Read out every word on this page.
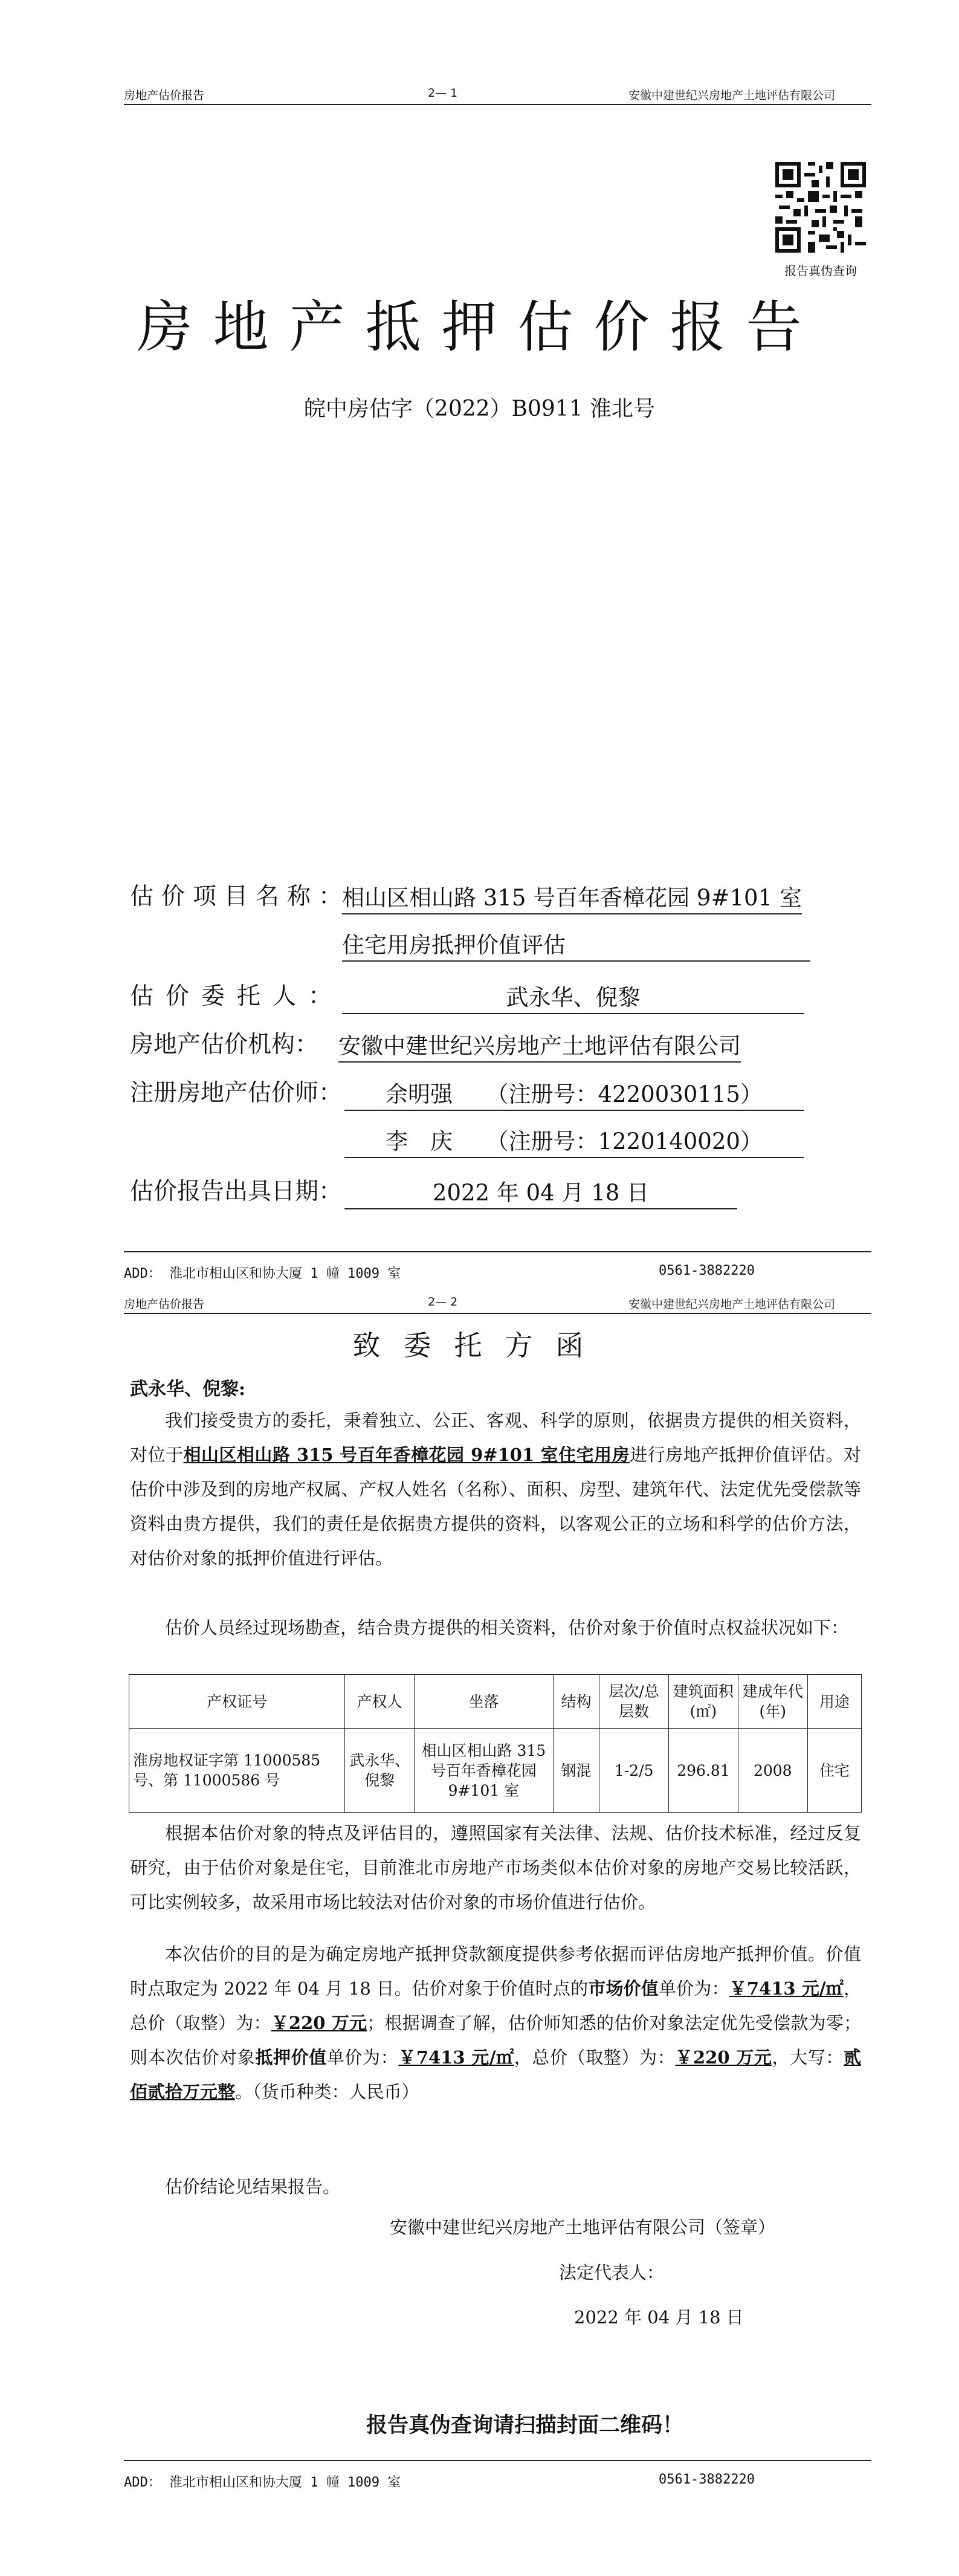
房地产估价报告	2— 1	安徽中建世纪兴房地产土地评估有限公司
报告真伪查询
房地产抵押估价报告
皖中房估字（2022）B0911 淮北号
估价项目名称：
相山区相山路 315 号百年香樟花园 9#101 室
住宅用房抵押价值评估
估价委托人：	武永华、倪黎
房地产估价机构： 安徽中建世纪兴房地产土地评估有限公司
注册房地产估价师：	余明强　　（注册号：4220030115）
李　庆　　（注册号：1220140020）
估价报告出具日期：	2022 年 04 月 18 日
ADD： 淮北市相山区和协大厦 1 幢 1009 室	0561-3882220
房地产估价报告	2— 2	安徽中建世纪兴房地产土地评估有限公司
致委托方函
武永华、倪黎:

我们接受贵方的委托，秉着独立、公正、客观、科学的原则，依据贵方提供的相关资料，对位于相山区相山路 315 号百年香樟花园 9#101 室住宅用房进行房地产抵押价值评估。对估价中涉及到的房地产权属、产权人姓名（名称）、面积、房型、建筑年代、法定优先受偿款等资料由贵方提供，我们的责任是依据贵方提供的资料，以客观公正的立场和科学的估价方法，对估价对象的抵押价值进行评估。

估价人员经过现场勘查，结合贵方提供的相关资料，估价对象于价值时点权益状况如下：

产权证号	产权人	坐落	结构	层次/总层数	建筑面积(㎡)	建成年代(年)	用途
淮房地权证字第 11000585 号、第 11000586 号	武永华、倪黎	相山区相山路 315 号百年香樟花园 9#101 室	钢混	1-2/5	296.81	2008	住宅

根据本估价对象的特点及评估目的，遵照国家有关法律、法规、估价技术标准，经过反复研究，由于估价对象是住宅，目前淮北市房地产市场类似本估价对象的房地产交易比较活跃，可比实例较多，故采用市场比较法对估价对象的市场价值进行估价。

本次估价的目的是为确定房地产抵押贷款额度提供参考依据而评估房地产抵押价值。价值时点取定为 2022 年 04 月 18 日。估价对象于价值时点的市场价值单价为：￥7413 元/㎡，总价（取整）为：￥220 万元；根据调查了解，估价师知悉的估价对象法定优先受偿款为零；则本次估价对象抵押价值单价为：￥7413 元/㎡，总价（取整）为：￥220 万元，大写：贰佰贰拾万元整。（货币种类：人民币）

估价结论见结果报告。

安徽中建世纪兴房地产土地评估有限公司（签章）
法定代表人：
2022 年 04 月 18 日
报告真伪查询请扫描封面二维码！
ADD： 淮北市相山区和协大厦 1 幢 1009 室	0561-3882220
